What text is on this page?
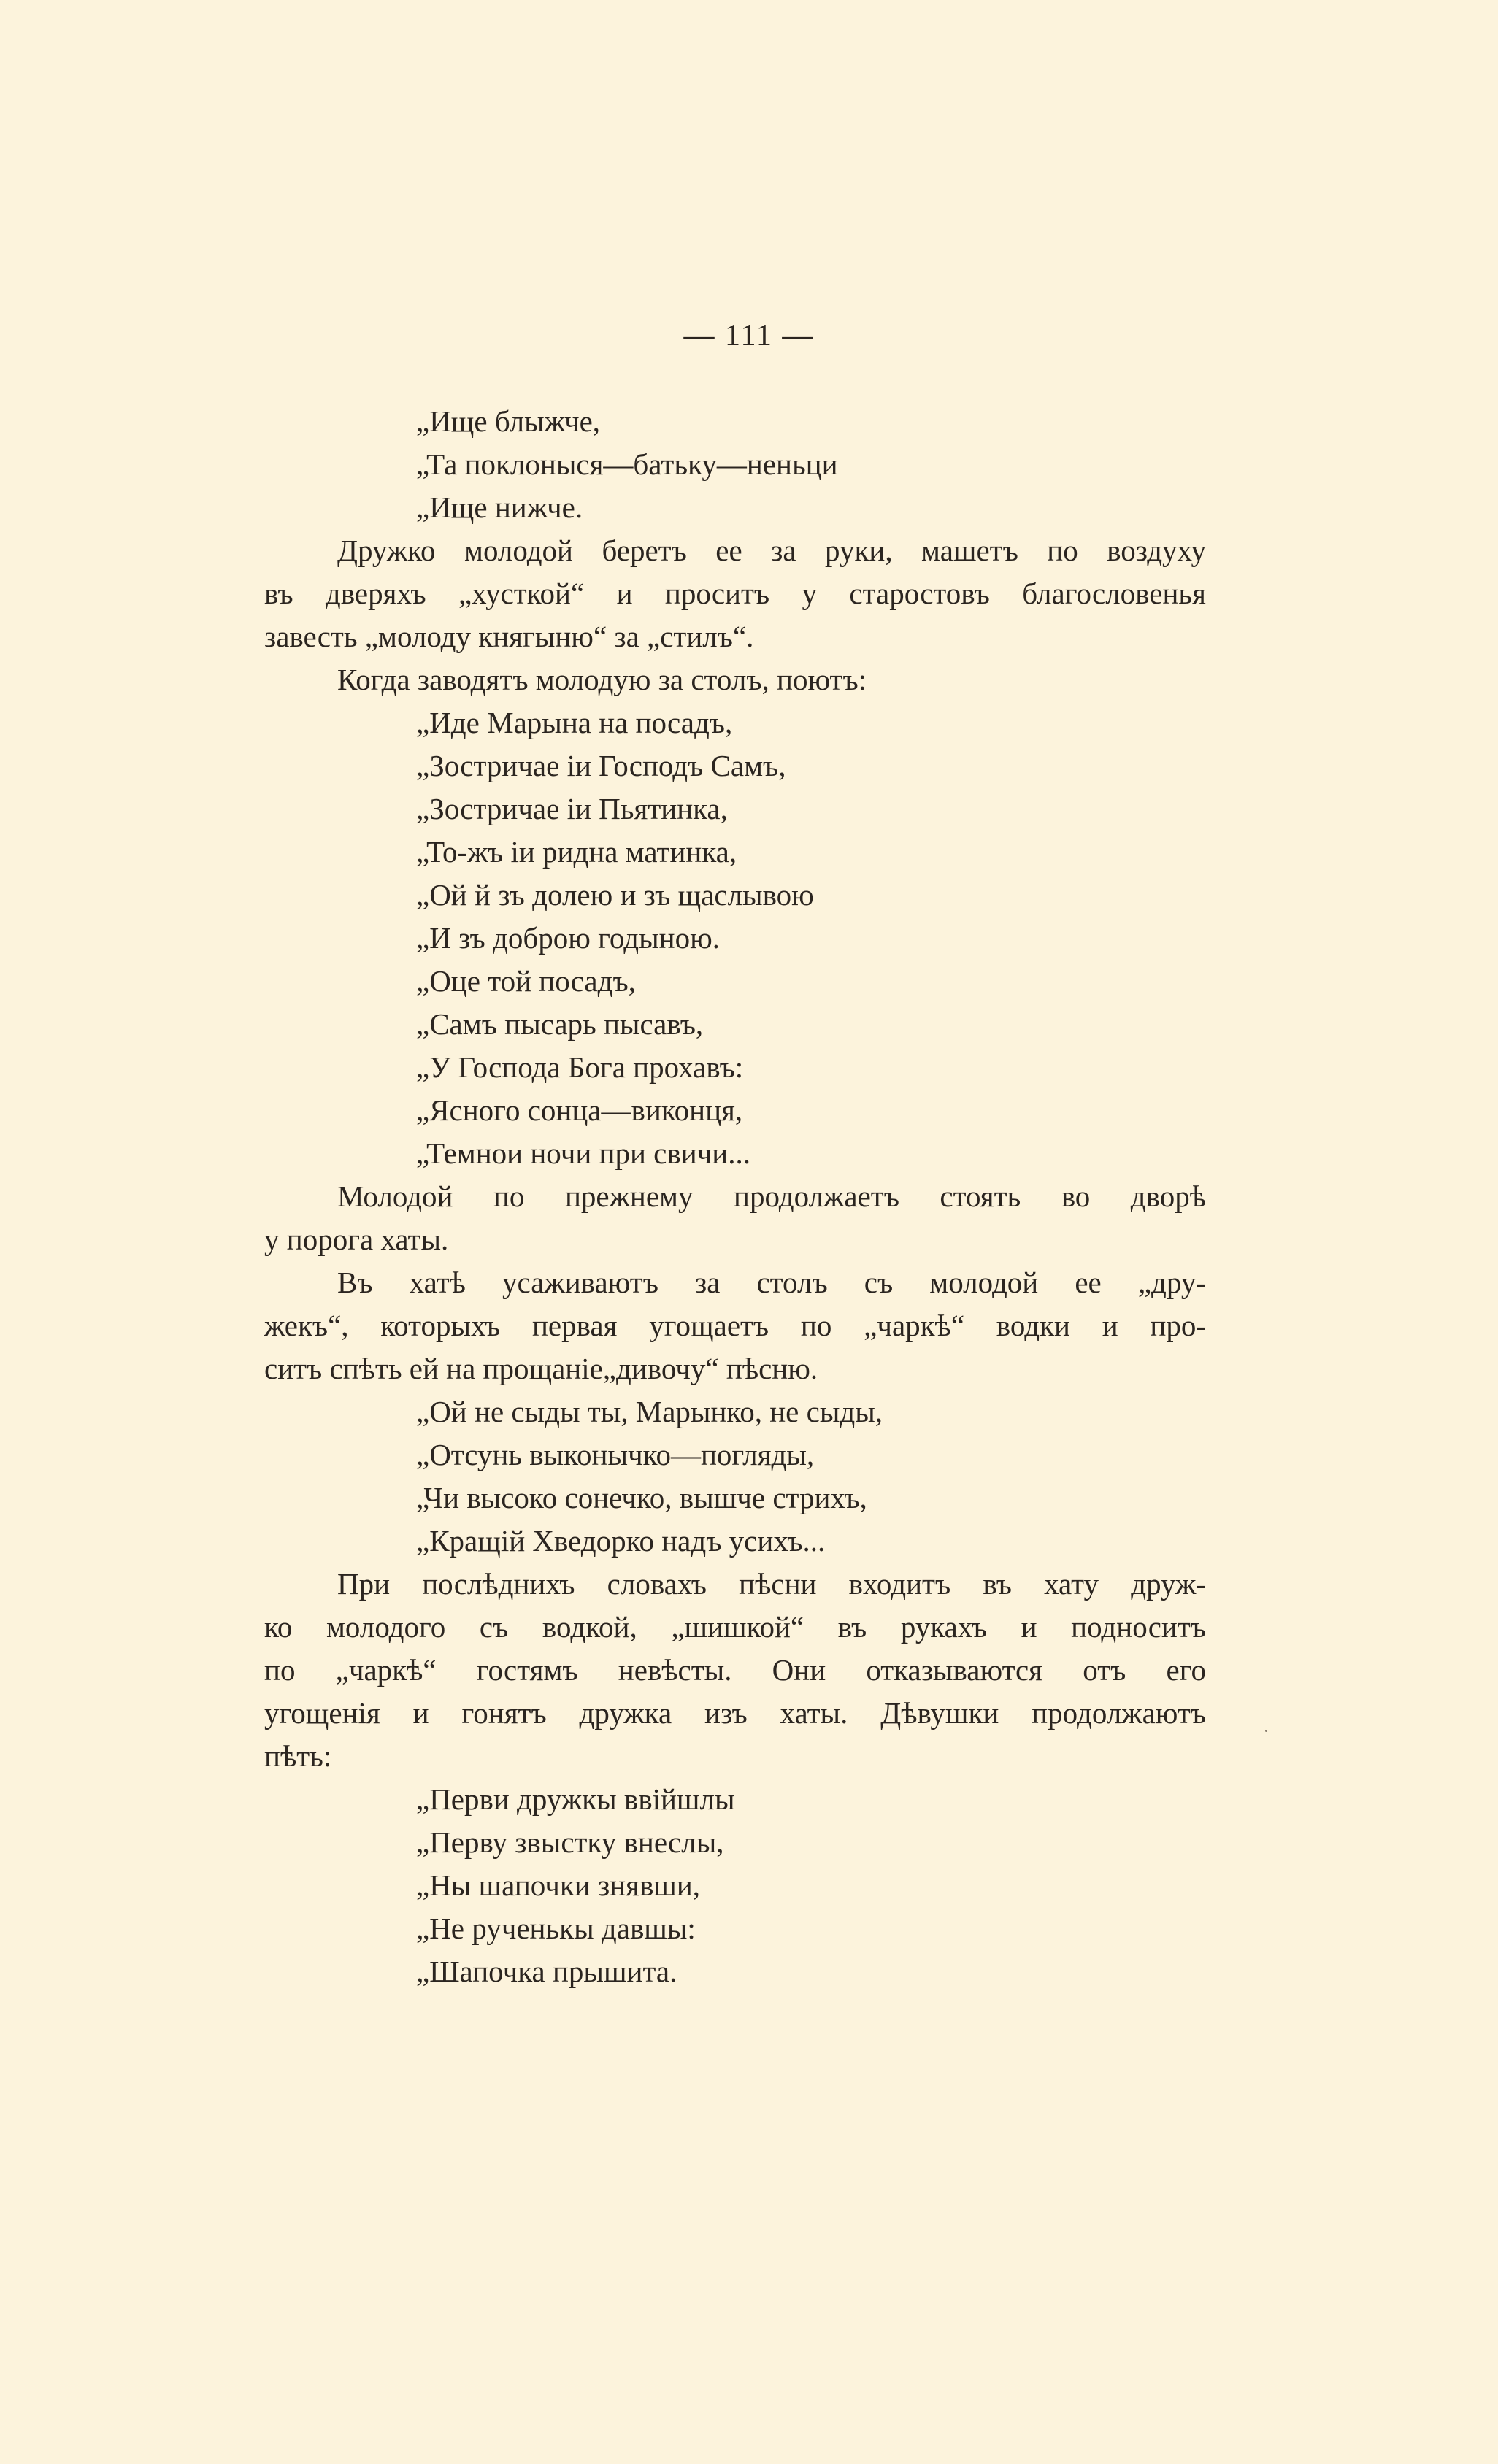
— 111 —
„Ище блыжче,
„Та поклоныся—батьку—неньци
„Ище нижче.
Дружко молодой беретъ ее за руки, машетъ по воздуху
въ дверяхъ „хусткой“ и проситъ у старостовъ благословенья
завесть „молоду княгыню“ за „стилъ“.
Когда заводятъ молодую за столъ, поютъ:
„Иде Марына на посадъ,
„Зостричае іи Господъ Самъ,
„Зостричае іи Пьятинка,
„То-жъ іи ридна матинка,
„Ой й зъ долею и зъ щаслывою
„И зъ доброю годыною.
„Оце той посадъ,
„Самъ пысарь пысавъ,
„У Господа Бога прохавъ:
„Ясного сонца—виконця,
„Темнои ночи при свичи...
Молодой по прежнему продолжаетъ стоять во дворѣ
у порога хаты.
Въ хатѣ усаживаютъ за столъ съ молодой ее „дру-
жекъ“, которыхъ первая угощаетъ по „чаркѣ“ водки и про-
ситъ спѣть ей на прощаніе„дивочу“ пѣсню.
„Ой не сыды ты, Марынко, не сыды,
„Отсунь выконычко—погляды,
„Чи высоко сонечко, вышче стрихъ,
„Кращій Хведорко надъ усихъ...
При послѣднихъ словахъ пѣсни входитъ въ хату друж-
ко молодого съ водкой, „шишкой“ въ рукахъ и подноситъ
по „чаркѣ“ гостямъ невѣсты. Они отказываются отъ его
угощенія и гонятъ дружка изъ хаты. Дѣвушки продолжаютъ
пѣть:
„Перви дружкы ввійшлы
„Перву звыстку внеслы,
„Ны шапочки знявши,
„Не рученькы давшы:
„Шапочка прышита.
